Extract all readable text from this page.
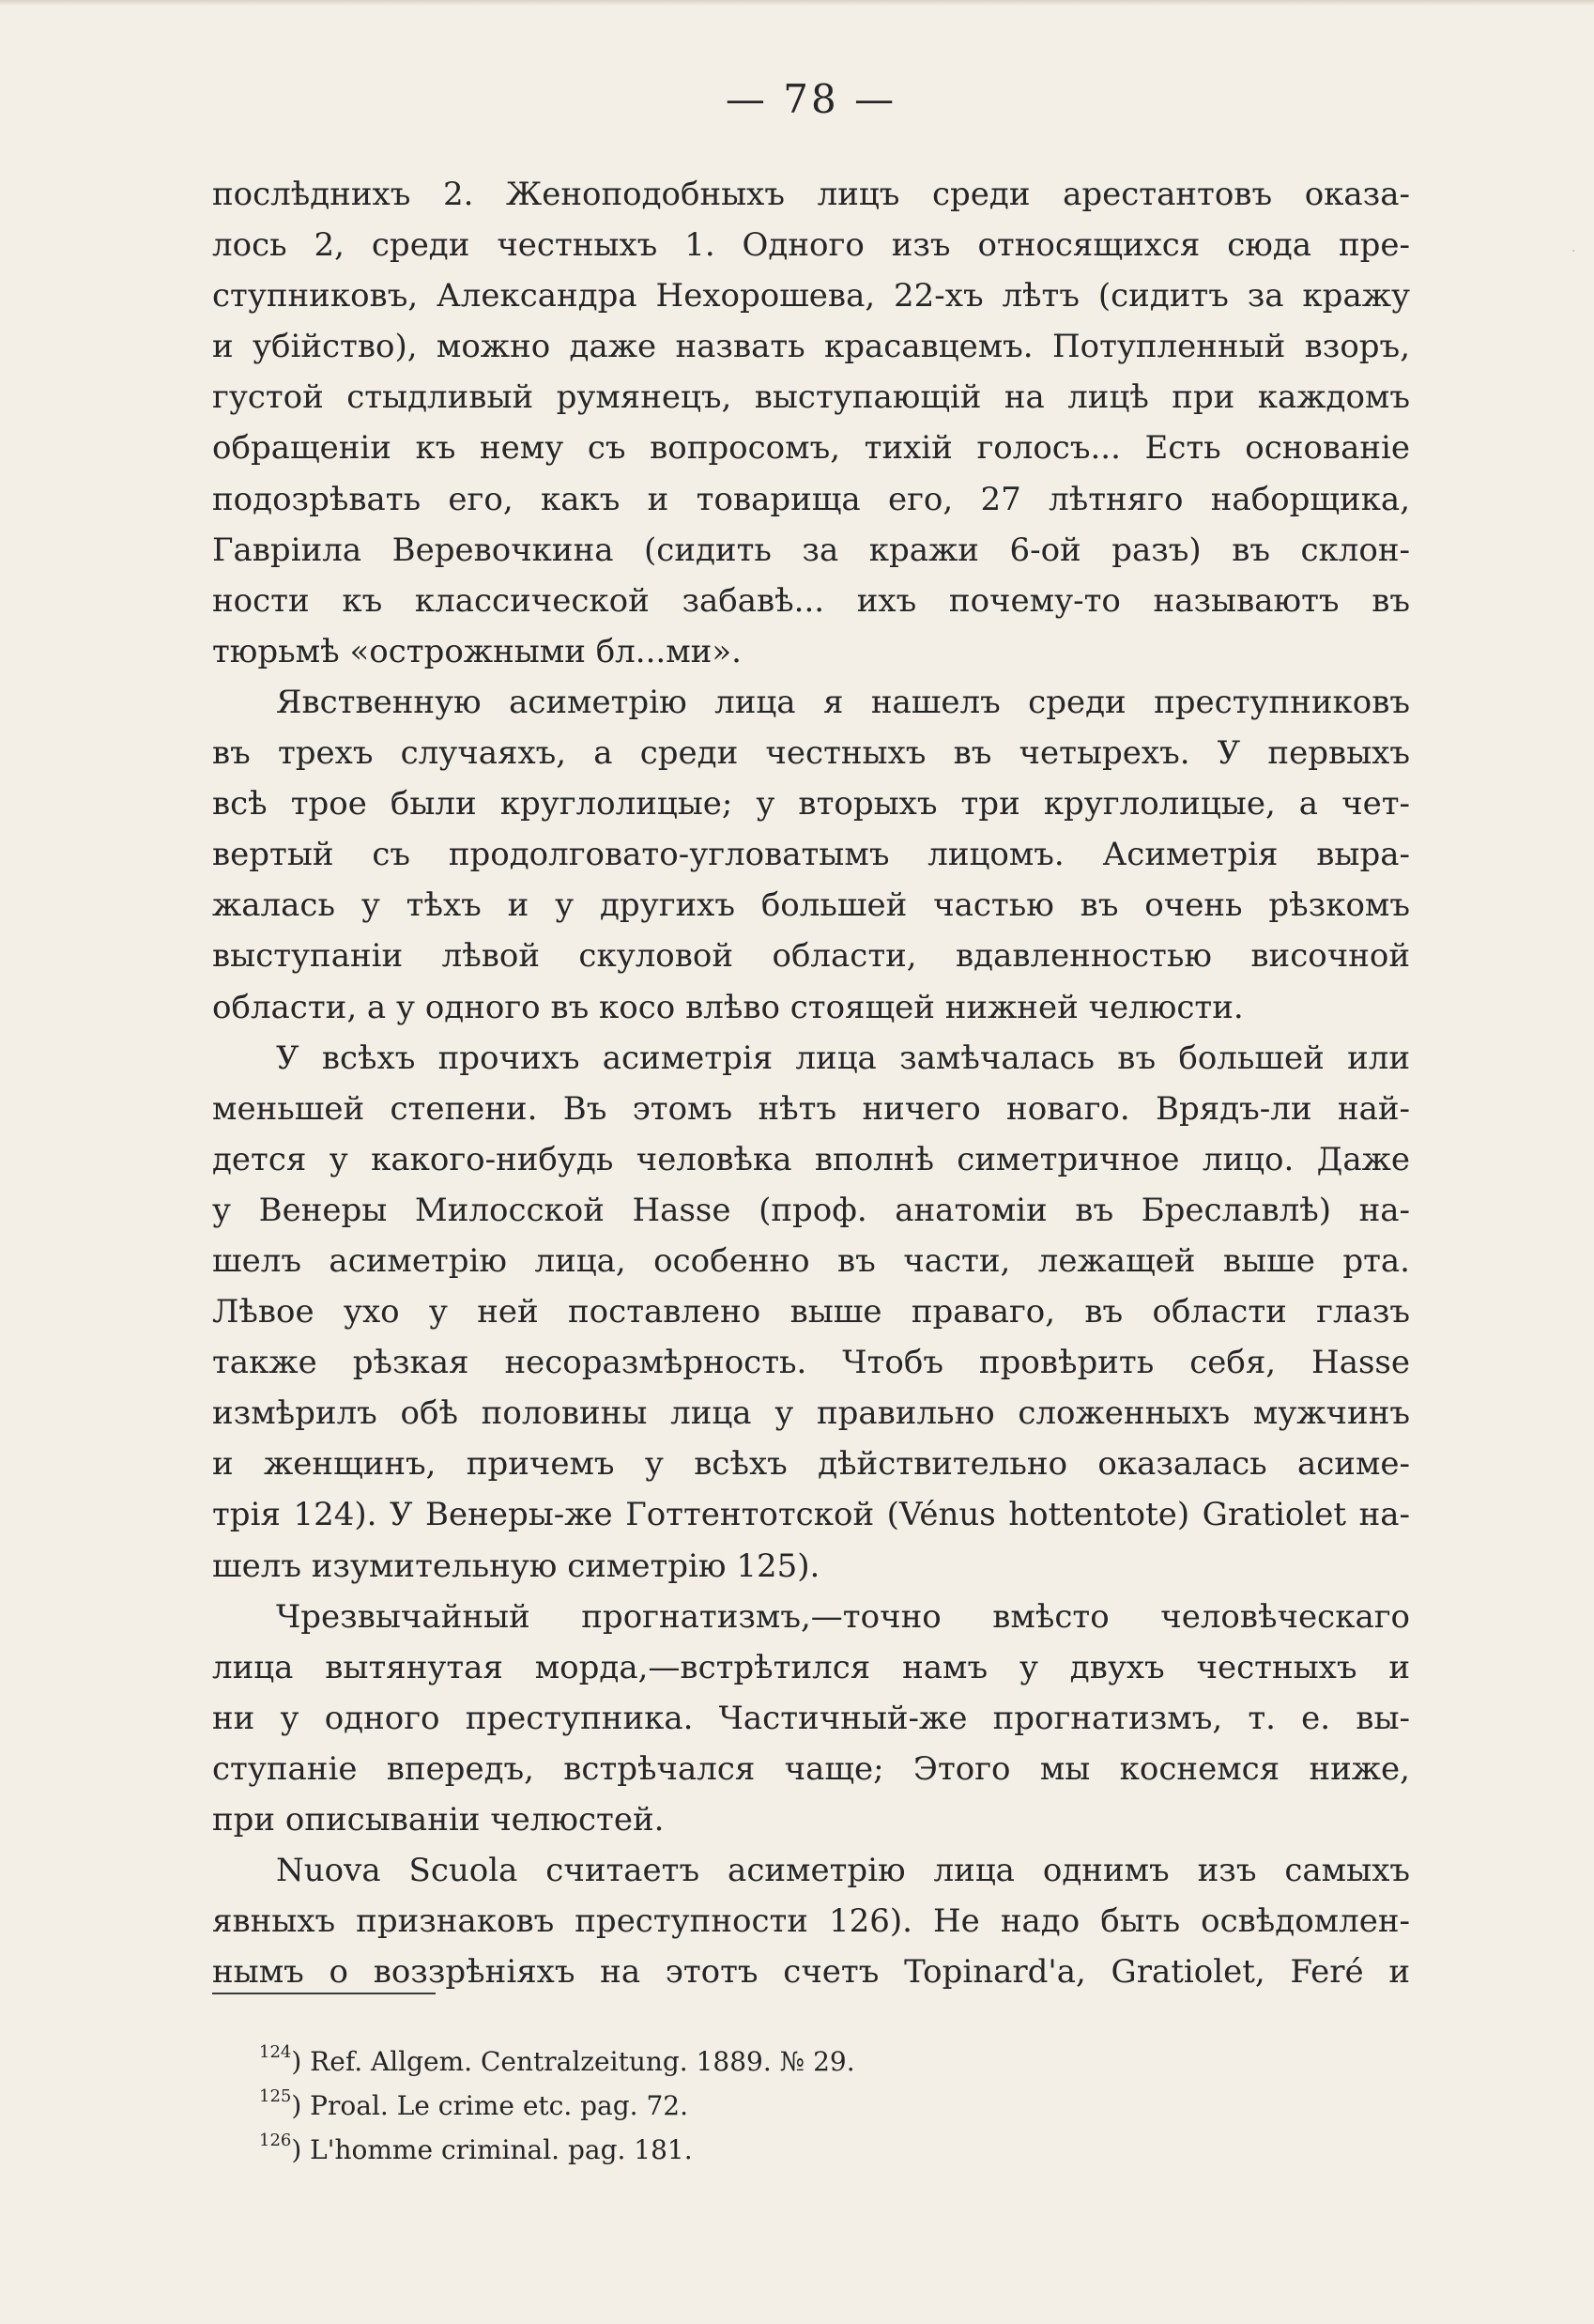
·
— 78 —
послѣднихъ 2. Женоподобныхъ лицъ среди арестантовъ оказа-
лось 2, среди честныхъ 1. Одного изъ относящихся сюда пре-
ступниковъ, Александра Нехорошева, 22-хъ лѣтъ (сидитъ за кражу
и убійство), можно даже назвать красавцемъ. Потупленный взоръ,
густой стыдливый румянецъ, выступающій на лицѣ при каждомъ
обращеніи къ нему съ вопросомъ, тихій голосъ... Есть основаніе
подозрѣвать его, какъ и товарища его, 27 лѣтняго наборщика,
Гавріила Веревочкина (сидить за кражи 6-ой разъ) въ склон-
ности къ классической забавѣ... ихъ почему-то называютъ въ
тюрьмѣ «острожными бл...ми».
Явственную асиметрію лица я нашелъ среди преступниковъ
въ трехъ случаяхъ, а среди честныхъ въ четырехъ. У первыхъ
всѣ трое были круглолицые; у вторыхъ три круглолицые, а чет-
вертый съ продолговато-угловатымъ лицомъ. Асиметрія выра-
жалась у тѣхъ и у другихъ большей частью въ очень рѣзкомъ
выступаніи лѣвой скуловой области, вдавленностью височной
области, а у одного въ косо влѣво стоящей нижней челюсти.
У всѣхъ прочихъ асиметрія лица замѣчалась въ большей или
меньшей степени. Въ этомъ нѣтъ ничего новаго. Врядъ-ли най-
дется у какого-нибудь человѣка вполнѣ симетричное лицо. Даже
у Венеры Милосской Hasse (проф. анатоміи въ Бреславлѣ) на-
шелъ асиметрію лица, особенно въ части, лежащей выше рта.
Лѣвое ухо у ней поставлено выше праваго, въ области глазъ
также рѣзкая несоразмѣрность. Чтобъ провѣрить себя, Hasse
измѣрилъ обѣ половины лица у правильно сложенныхъ мужчинъ
и женщинъ, причемъ у всѣхъ дѣйствительно оказалась асиме-
трія 124). У Венеры-же Готтентотской (Vénus hottentote) Gratiolet на-
шелъ изумительную симетрію 125).
Чрезвычайный прогнатизмъ,—точно вмѣсто человѣческаго
лица вытянутая морда,—встрѣтился намъ у двухъ честныхъ и
ни у одного преступника. Частичный-же прогнатизмъ, т. е. вы-
ступаніе впередъ, встрѣчался чаще; Этого мы коснемся ниже,
при описываніи челюстей.
Nuova Scuola считаетъ асиметрію лица однимъ изъ самыхъ
явныхъ признаковъ преступности 126). Не надо быть освѣдомлен-
нымъ о воззрѣніяхъ на этотъ счетъ Topinard'a, Gratiolet, Feré и
$^{124}$) Ref. Allgem. Centralzeitung. 1889. № 29.
$^{125}$) Proal. Le crime etc. pag. 72.
$^{126}$) L'homme criminal. pag. 181.
